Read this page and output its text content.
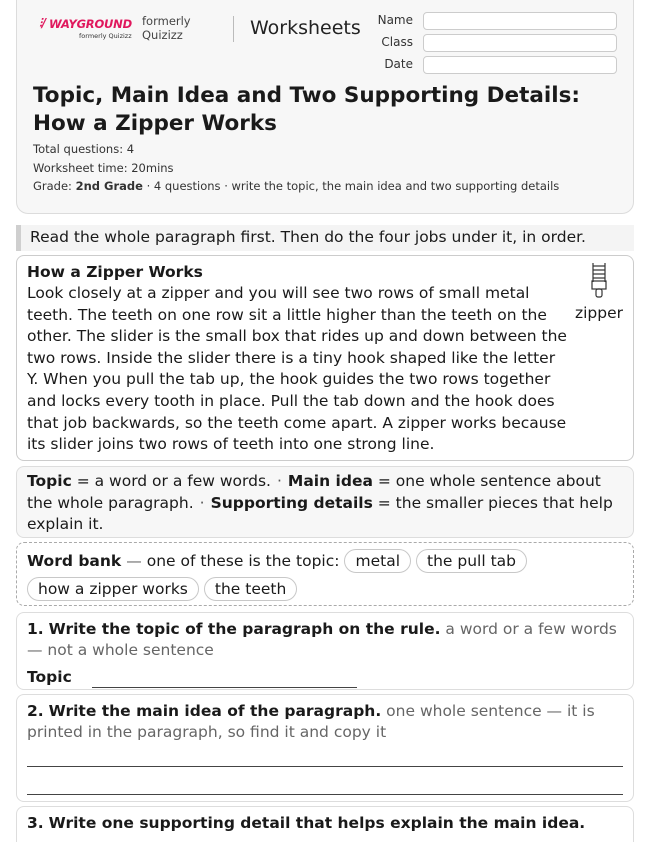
⫶/ WAYGROUND
formerly Quizizz
formerly
Quizizz	Worksheets Name
Class
Date
Topic, Main Idea and Two Supporting Details: How a Zipper Works
Total questions: 4
Worksheet time: 20mins
Grade: 2nd Grade · 4 questions · write the topic, the main idea and two supporting details
Read the whole paragraph first. Then do the four jobs under it, in order.
How a Zipper Works
Look closely at a zipper and you will see two rows of small metal teeth. The teeth on one row sit a little higher than the teeth on the other. The slider is the small box that rides up and down between the two rows. Inside the slider there is a tiny hook shaped like the letter Y. When you pull the tab up, the hook guides the two rows together and locks every tooth in place. Pull the tab down and the hook does that job backwards, so the teeth come apart. A zipper works because its slider joins two rows of teeth into one strong line.
zipper
Topic = a word or a few words. · Main idea = one whole sentence about the whole paragraph. · Supporting details = the smaller pieces that help explain it.
Word bank — one of these is the topic:	metal	the pull tab
how a zipper works	the teeth
1. Write the topic of the paragraph on the rule. a word or a few words — not a whole sentence
Topic
2. Write the main idea of the paragraph. one whole sentence — it is printed in the paragraph, so find it and copy it
3. Write one supporting detail that helps explain the main idea.
